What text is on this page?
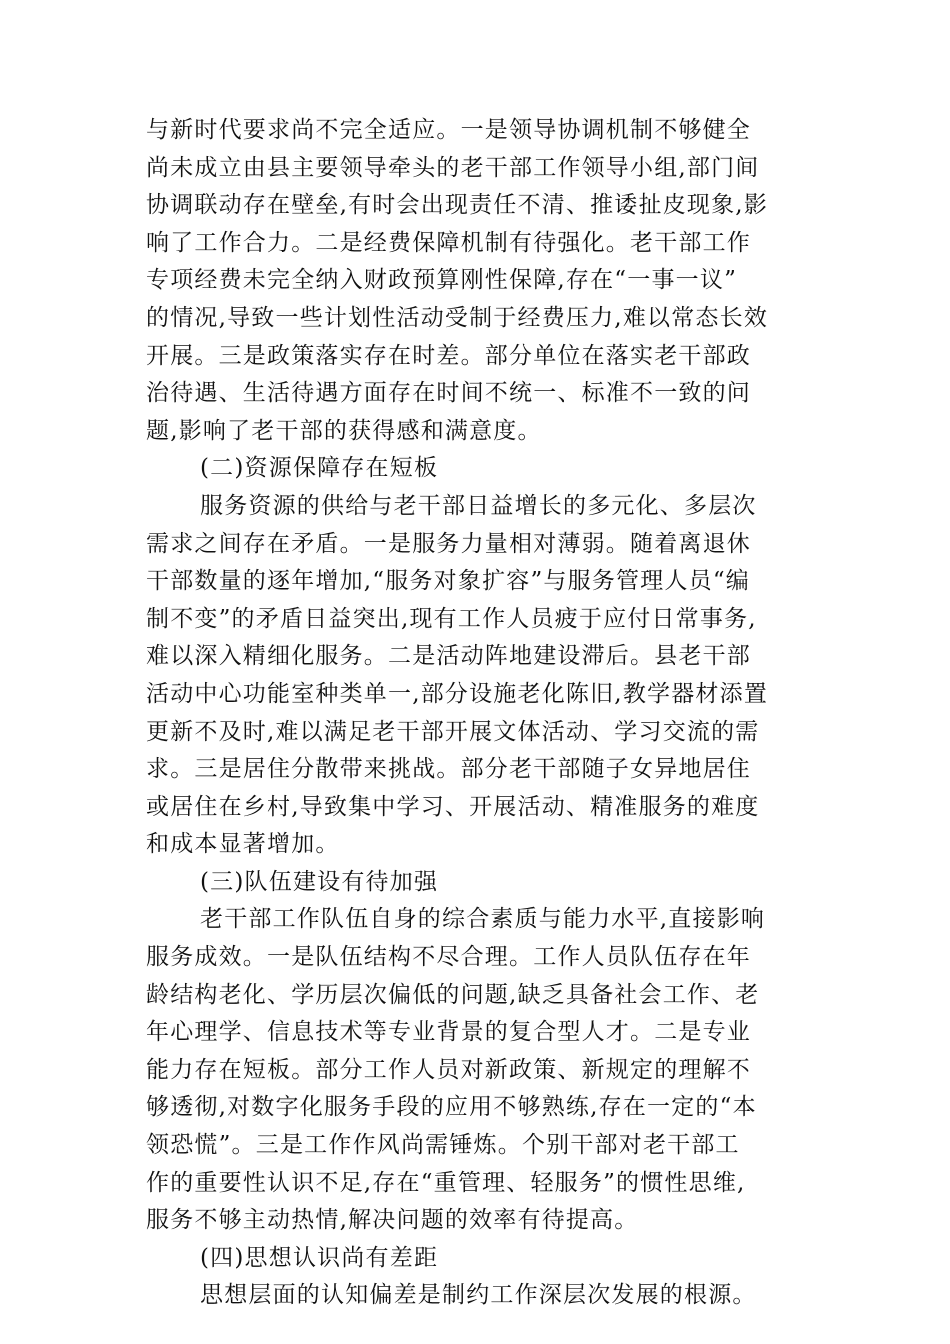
与新时代要求尚不完全适应。一是领导协调机制不够健全
尚未成立由县主要领导牵头的老干部工作领导小组,部门间
协调联动存在壁垒,有时会出现责任不清、推诿扯皮现象,影
响了工作合力。二是经费保障机制有待强化。老干部工作
专项经费未完全纳入财政预算刚性保障,存在“一事一议”
的情况,导致一些计划性活动受制于经费压力,难以常态长效
开展。三是政策落实存在时差。部分单位在落实老干部政
治待遇、生活待遇方面存在时间不统一、标准不一致的问
题,影响了老干部的获得感和满意度。
(二)资源保障存在短板
服务资源的供给与老干部日益增长的多元化、多层次
需求之间存在矛盾。一是服务力量相对薄弱。随着离退休
干部数量的逐年增加,“服务对象扩容”与服务管理人员“编
制不变”的矛盾日益突出,现有工作人员疲于应付日常事务,
难以深入精细化服务。二是活动阵地建设滞后。县老干部
活动中心功能室种类单一,部分设施老化陈旧,教学器材添置
更新不及时,难以满足老干部开展文体活动、学习交流的需
求。三是居住分散带来挑战。部分老干部随子女异地居住
或居住在乡村,导致集中学习、开展活动、精准服务的难度
和成本显著增加。
(三)队伍建设有待加强
老干部工作队伍自身的综合素质与能力水平,直接影响
服务成效。一是队伍结构不尽合理。工作人员队伍存在年
龄结构老化、学历层次偏低的问题,缺乏具备社会工作、老
年心理学、信息技术等专业背景的复合型人才。二是专业
能力存在短板。部分工作人员对新政策、新规定的理解不
够透彻,对数字化服务手段的应用不够熟练,存在一定的“本
领恐慌”。三是工作作风尚需锤炼。个别干部对老干部工
作的重要性认识不足,存在“重管理、轻服务”的惯性思维,
服务不够主动热情,解决问题的效率有待提高。
(四)思想认识尚有差距
思想层面的认知偏差是制约工作深层次发展的根源。
